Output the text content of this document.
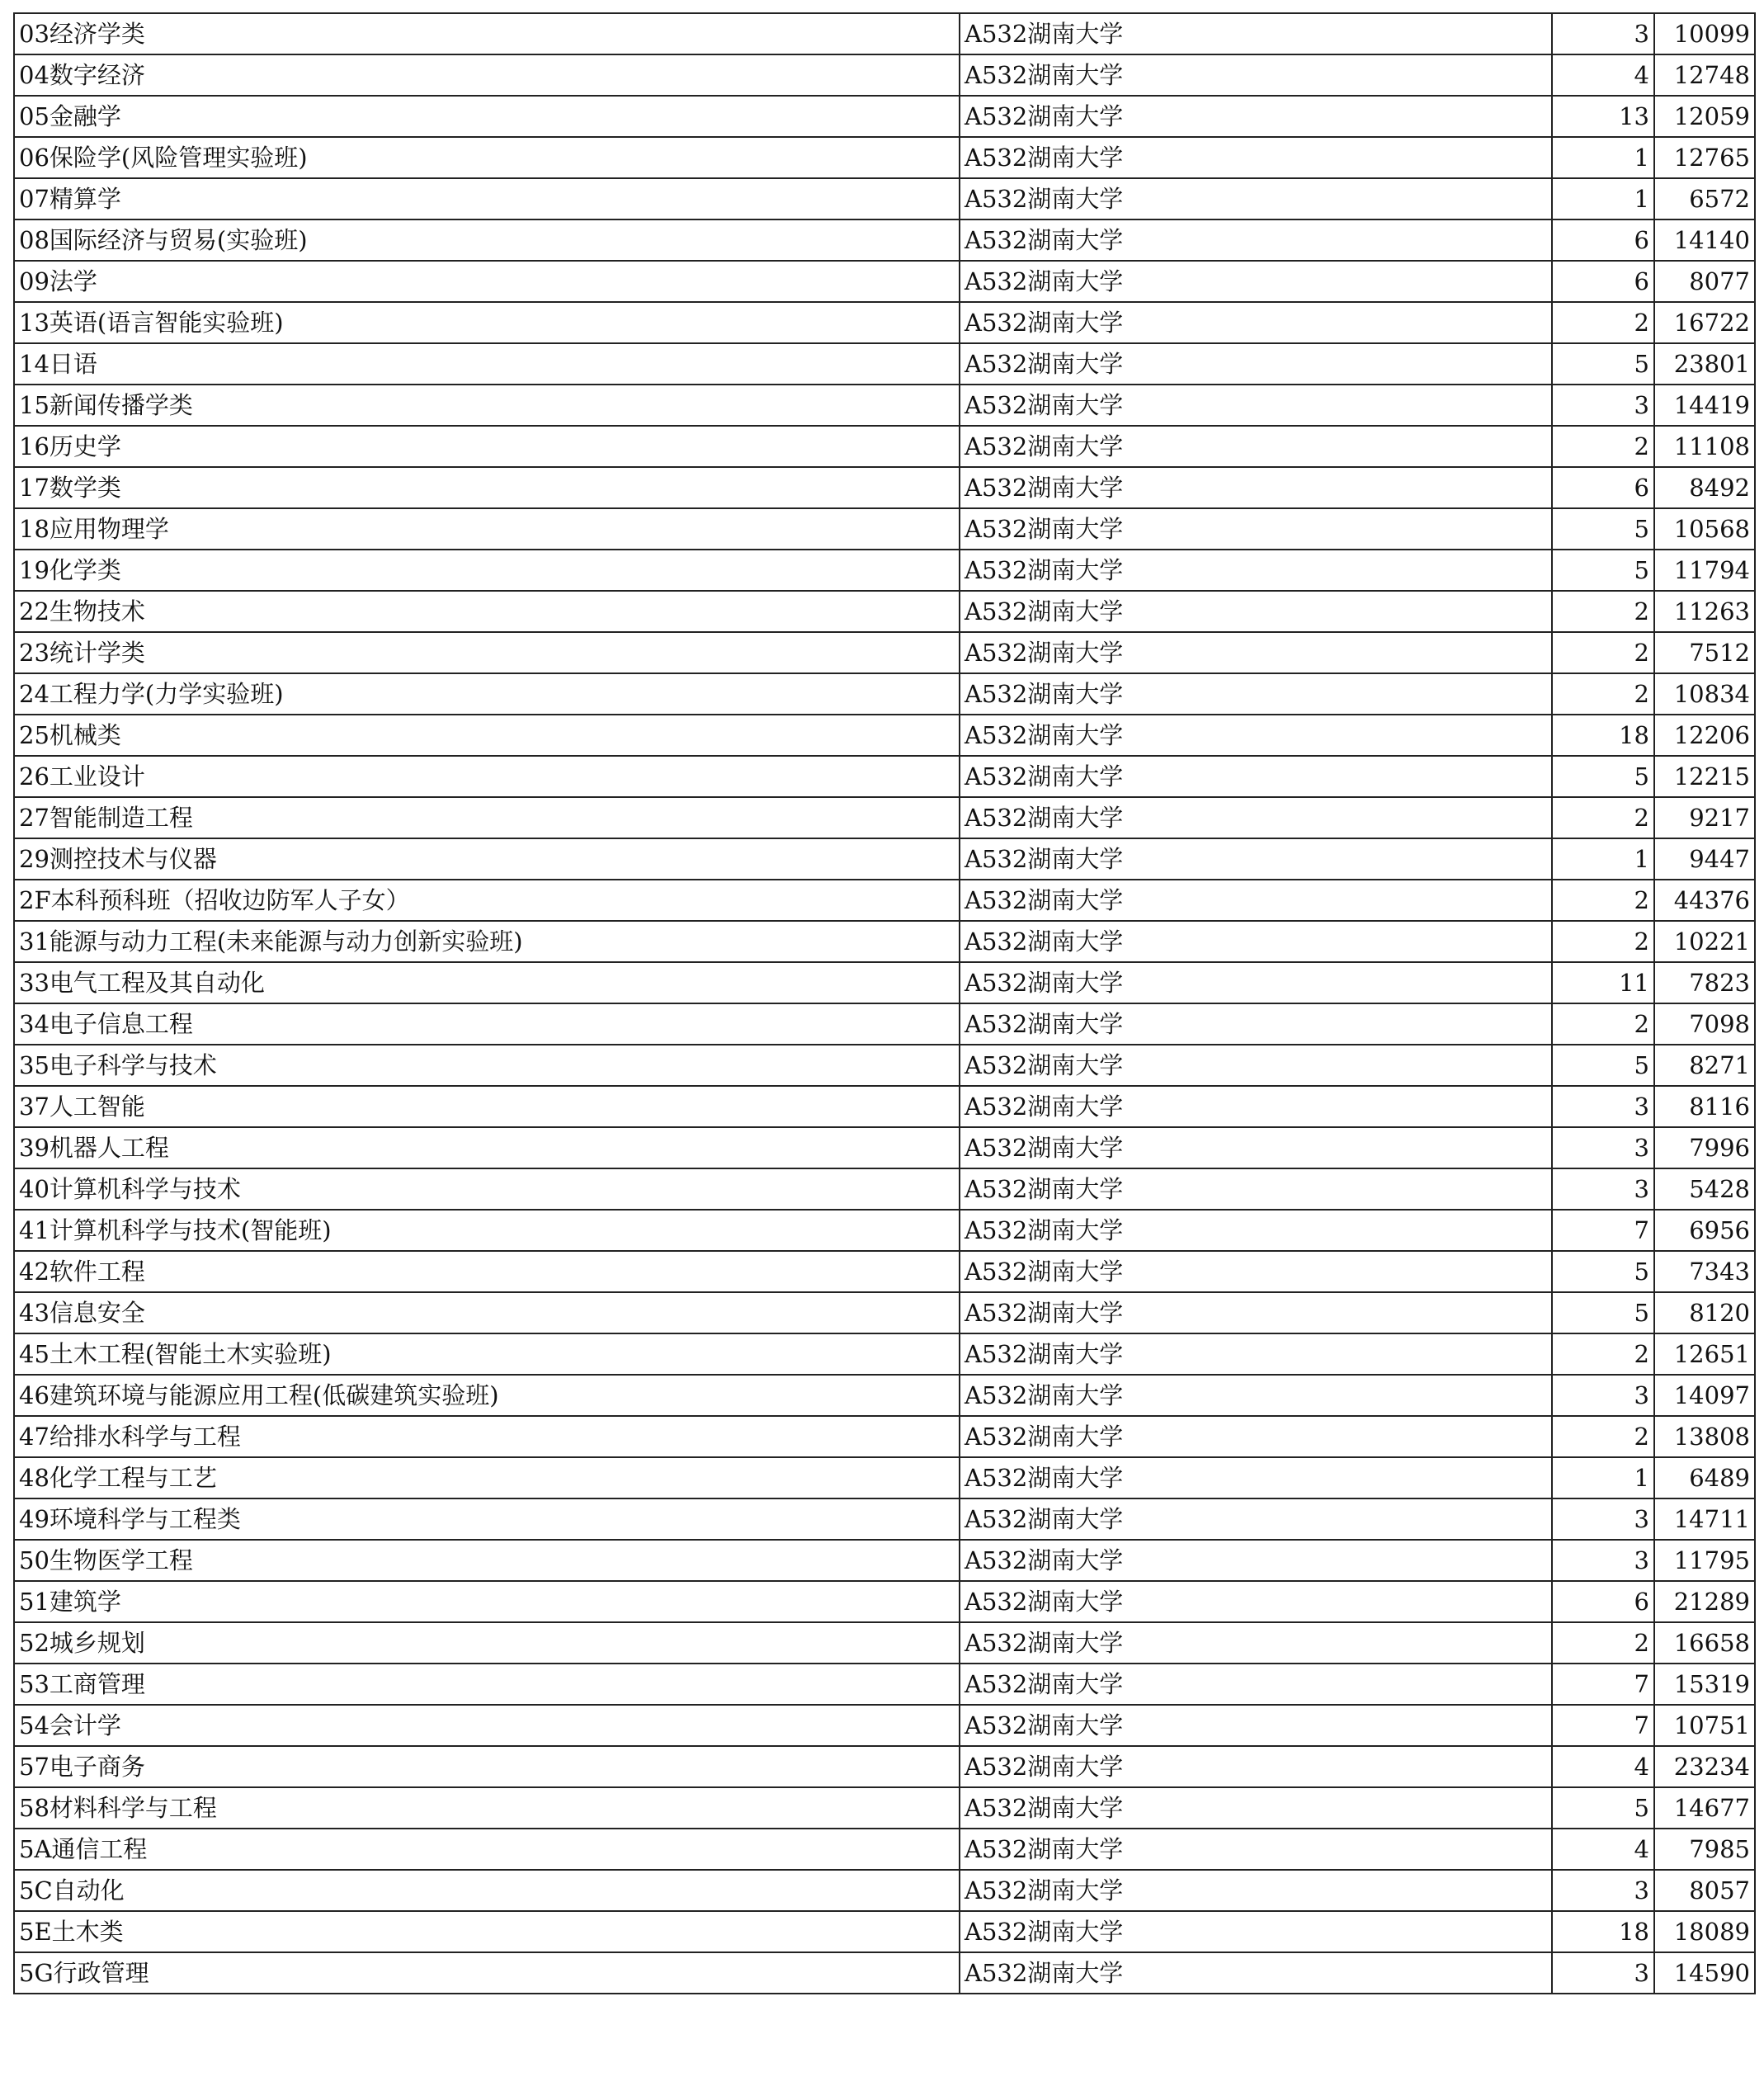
03经济学类	A532湖南大学	3	10099
04数字经济	A532湖南大学	4	12748
05金融学	A532湖南大学	13	12059
06保险学(风险管理实验班)	A532湖南大学	1	12765
07精算学	A532湖南大学	1	6572
08国际经济与贸易(实验班)	A532湖南大学	6	14140
09法学	A532湖南大学	6	8077
13英语(语言智能实验班)	A532湖南大学	2	16722
14日语	A532湖南大学	5	23801
15新闻传播学类	A532湖南大学	3	14419
16历史学	A532湖南大学	2	11108
17数学类	A532湖南大学	6	8492
18应用物理学	A532湖南大学	5	10568
19化学类	A532湖南大学	5	11794
22生物技术	A532湖南大学	2	11263
23统计学类	A532湖南大学	2	7512
24工程力学(力学实验班)	A532湖南大学	2	10834
25机械类	A532湖南大学	18	12206
26工业设计	A532湖南大学	5	12215
27智能制造工程	A532湖南大学	2	9217
29测控技术与仪器	A532湖南大学	1	9447
2F本科预科班（招收边防军人子女）	A532湖南大学	2	44376
31能源与动力工程(未来能源与动力创新实验班)	A532湖南大学	2	10221
33电气工程及其自动化	A532湖南大学	11	7823
34电子信息工程	A532湖南大学	2	7098
35电子科学与技术	A532湖南大学	5	8271
37人工智能	A532湖南大学	3	8116
39机器人工程	A532湖南大学	3	7996
40计算机科学与技术	A532湖南大学	3	5428
41计算机科学与技术(智能班)	A532湖南大学	7	6956
42软件工程	A532湖南大学	5	7343
43信息安全	A532湖南大学	5	8120
45土木工程(智能土木实验班)	A532湖南大学	2	12651
46建筑环境与能源应用工程(低碳建筑实验班)	A532湖南大学	3	14097
47给排水科学与工程	A532湖南大学	2	13808
48化学工程与工艺	A532湖南大学	1	6489
49环境科学与工程类	A532湖南大学	3	14711
50生物医学工程	A532湖南大学	3	11795
51建筑学	A532湖南大学	6	21289
52城乡规划	A532湖南大学	2	16658
53工商管理	A532湖南大学	7	15319
54会计学	A532湖南大学	7	10751
57电子商务	A532湖南大学	4	23234
58材料科学与工程	A532湖南大学	5	14677
5A通信工程	A532湖南大学	4	7985
5C自动化	A532湖南大学	3	8057
5E土木类	A532湖南大学	18	18089
5G行政管理	A532湖南大学	3	14590
